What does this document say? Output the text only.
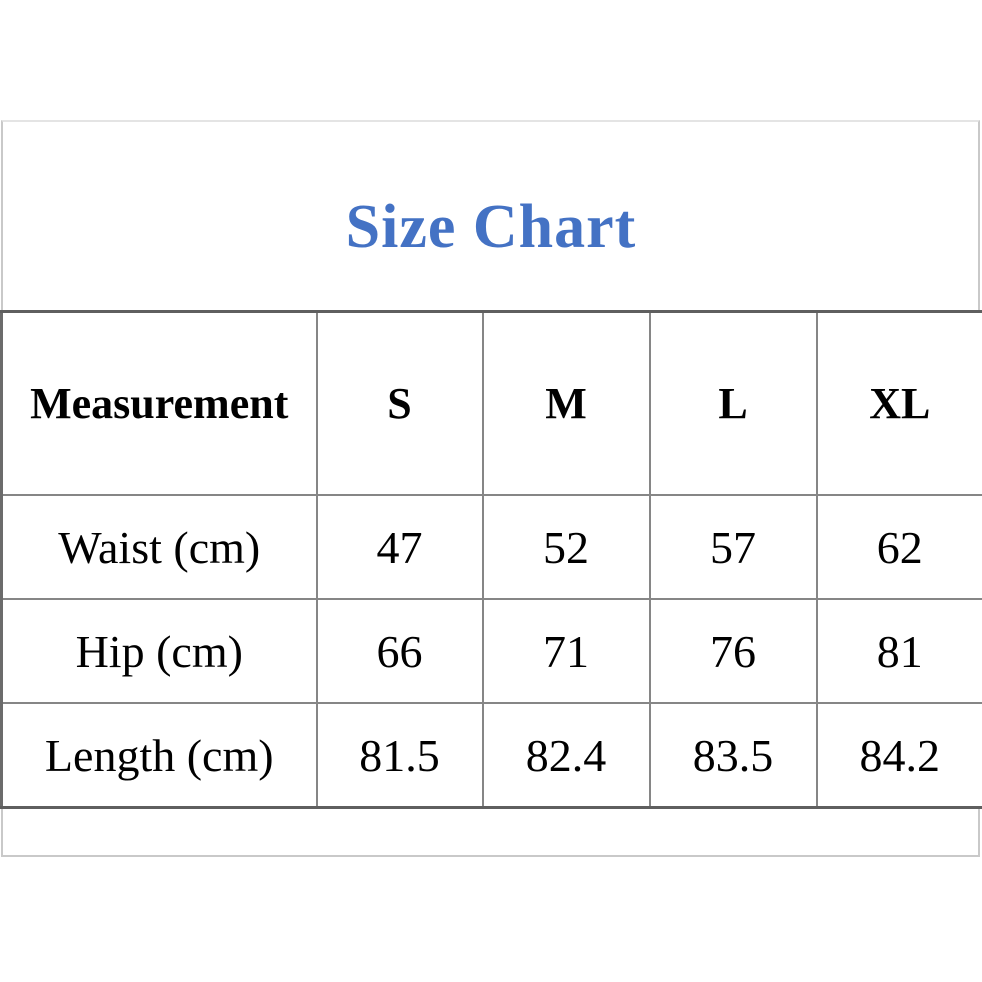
Size Chart
Measurement	S	M	L	XL
Waist (cm)	47	52	57	62
Hip (cm)	66	71	76	81
Length (cm)	81.5	82.4	83.5	84.2
